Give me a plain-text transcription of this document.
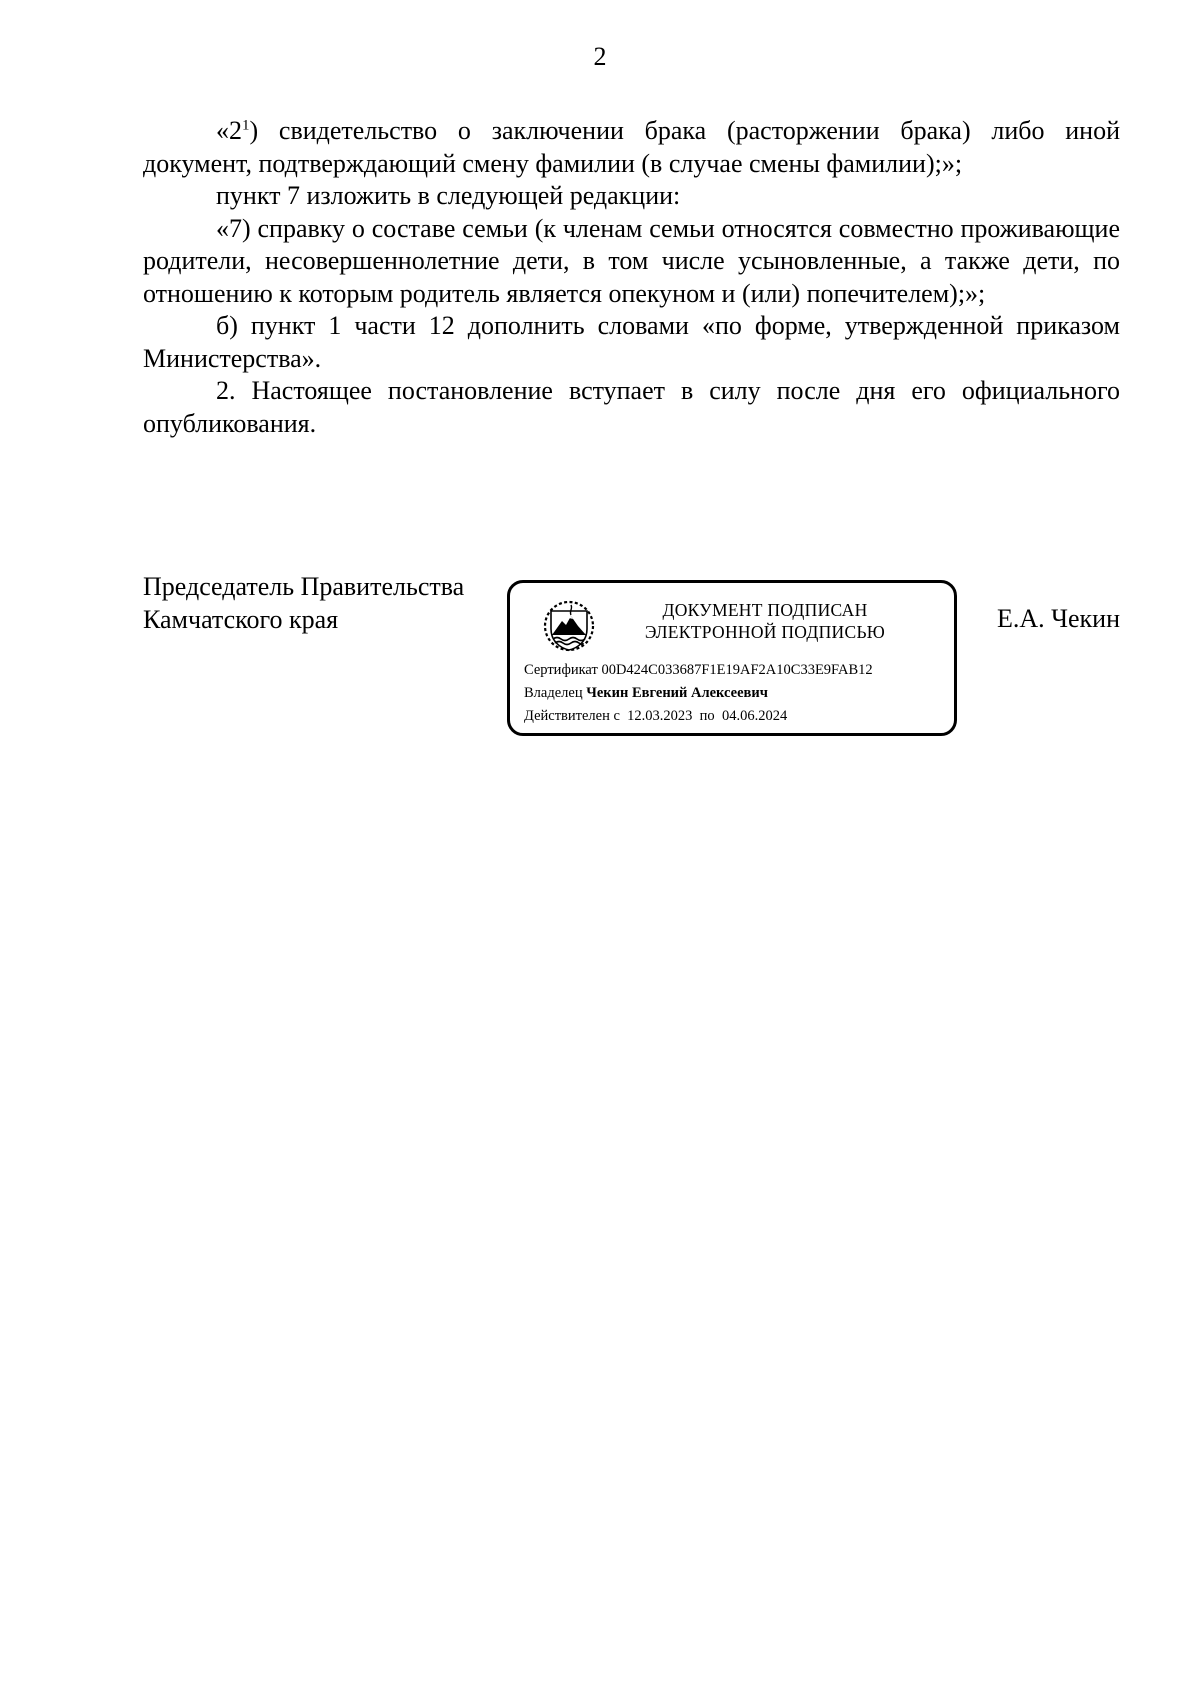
2

«$2^1$) свидетельство о заключении брака (расторжении брака) либо иной документ, подтверждающий смену фамилии (в случае смены фамилии);»;

пункт 7 изложить в следующей редакции:

«7) справку о составе семьи (к членам семьи относятся совместно проживающие родители, несовершеннолетние дети, в том числе усыновленные, а также дети, по отношению к которым родитель является опекуном и (или) попечителем);»;

б) пункт 1 части 12 дополнить словами «по форме, утвержденной приказом Министерства».

2. Настоящее постановление вступает в силу после дня его официального опубликования.

Председатель Правительства
Камчатского края	ДОКУМЕНТ ПОДПИСАН
ЭЛЕКТРОННОЙ ПОДПИСЬЮ
Сертификат 00D424C033687F1E19AF2A10C33E9FAB12
Владелец Чекин Евгений Алексеевич
Действителен с 12.03.2023 по 04.06.2024
Е.А. Чекин
